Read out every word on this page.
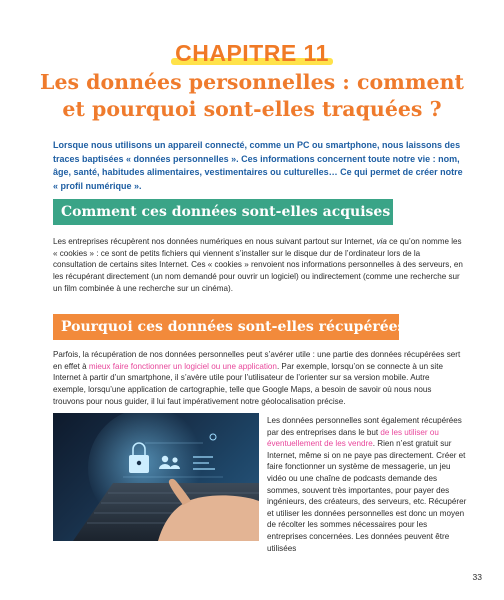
CHAPITRE 11
Les données personnelles : comment
et pourquoi sont-elles traquées ?

Lorsque nous utilisons un appareil connecté, comme un PC ou smartphone, nous laissons des traces baptisées « données personnelles ». Ces informations concernent toute notre vie : nom, âge, santé, habitudes alimentaires, vestimentaires ou culturelles… Ce qui permet de créer notre « profil numérique ».

Comment ces données sont-elles acquises ?

Les entreprises récupèrent nos données numériques en nous suivant partout sur Internet, via ce qu’on nomme les « cookies » : ce sont de petits fichiers qui viennent s’installer sur le disque dur de l’ordinateur lors de la consultation de certains sites Internet. Ces « cookies » renvoient nos informations personnelles à des serveurs, en les récupérant directement (un nom demandé pour ouvrir un logiciel) ou indirectement (comme une recherche sur un film combinée à une recherche sur un cinéma).

Pourquoi ces données sont-elles récupérées ?

Parfois, la récupération de nos données personnelles peut s’avérer utile : une partie des données récupérées sert en effet à mieux faire fonctionner un logiciel ou une application. Par exemple, lorsqu’on se connecte à un site Internet à partir d’un smartphone, il s’avère utile pour l’utilisateur de l’orienter sur sa version mobile. Autre exemple, lorsqu’une application de cartographie, telle que Google Maps, a besoin de savoir où nous nous trouvons pour nous guider, il lui faut impérativement notre géolocalisation précise.

Les données personnelles sont également récupérées par des entreprises dans le but de les utiliser ou éventuellement de les vendre. Rien n’est gratuit sur Internet, même si on ne paye pas directement. Créer et faire fonctionner un système de messagerie, un jeu vidéo ou une chaîne de podcasts demande des sommes, souvent très importantes, pour payer des ingénieurs, des créateurs, des serveurs, etc. Récupérer et utiliser les données personnelles est donc un moyen de récolter les sommes nécessaires pour les entreprises concernées. Les données peuvent être utilisées

33
